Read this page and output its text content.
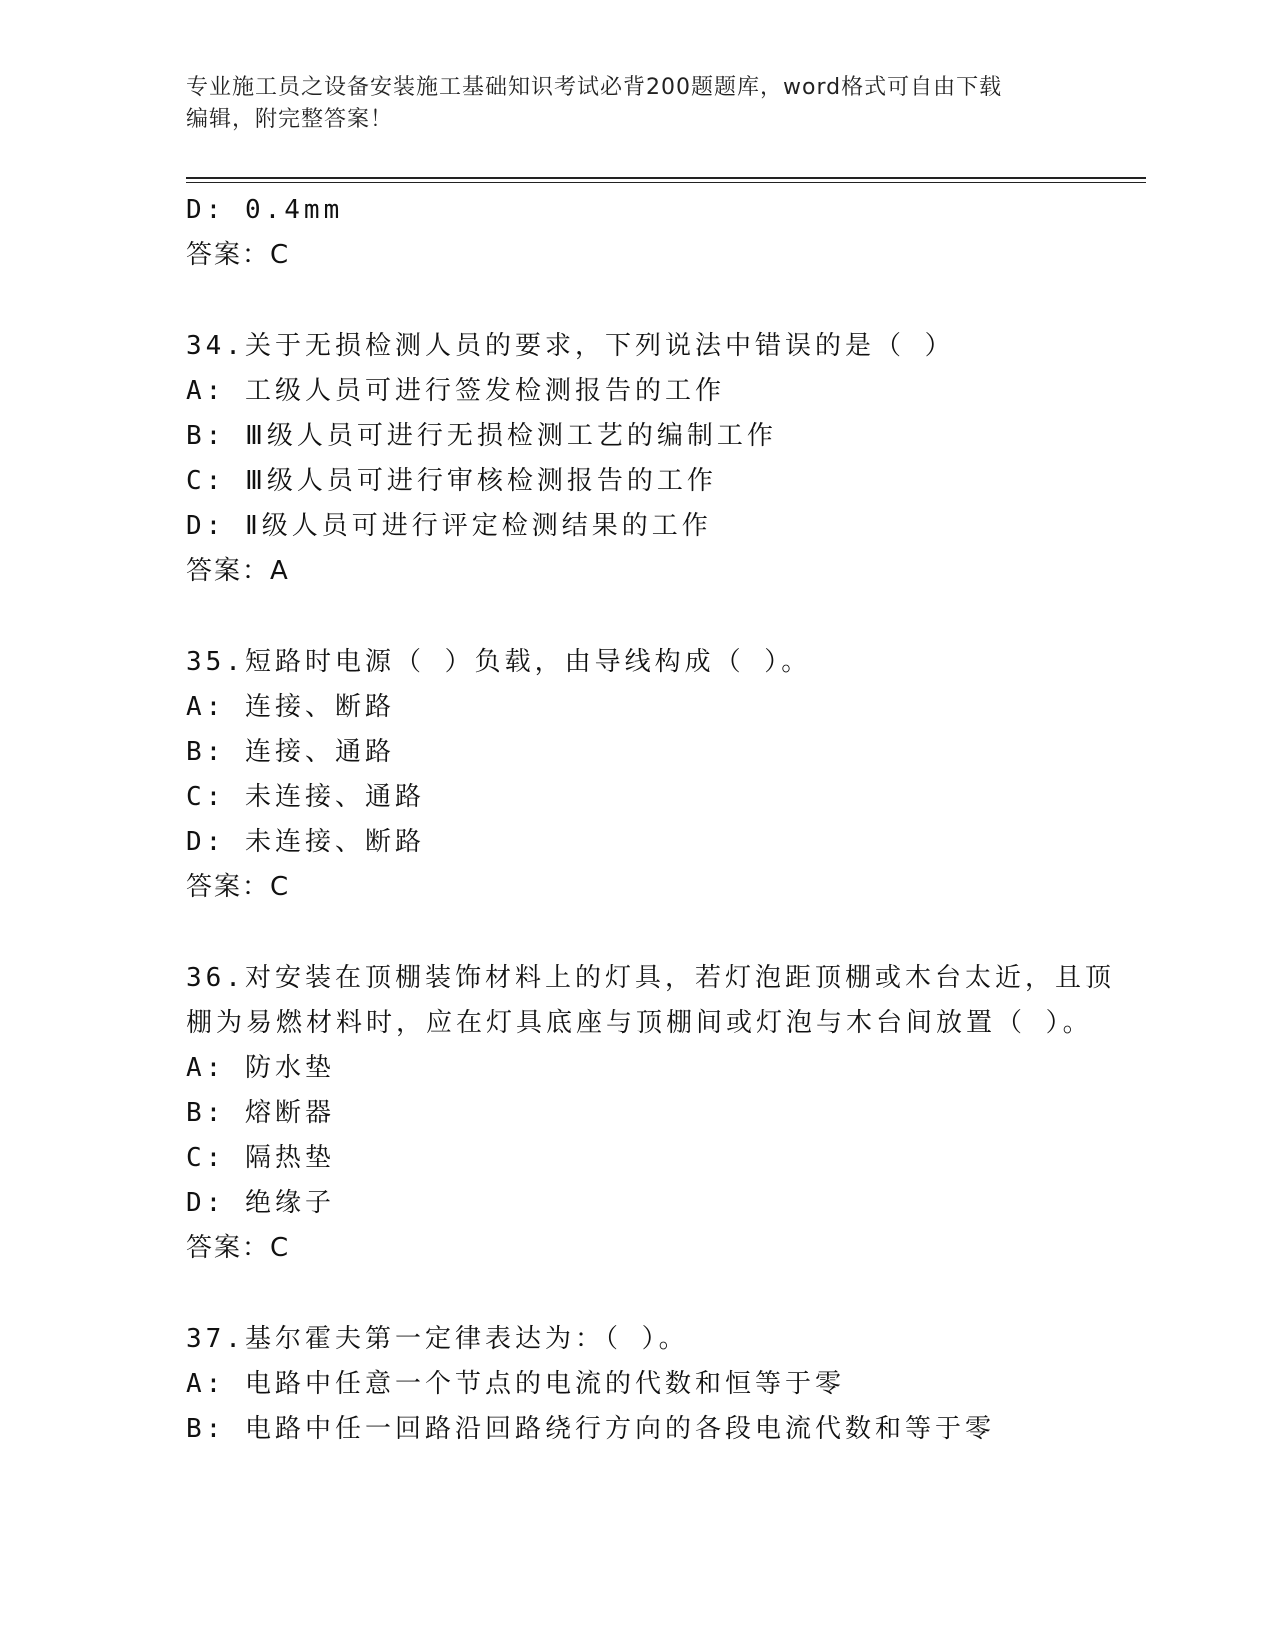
专业施工员之设备安装施工基础知识考试必背200题题库，word格式可自由下载
编辑，附完整答案！
D: 0.4mm
答案：C
34.关于无损检测人员的要求，下列说法中错误的是（ ）
A: 工级人员可进行签发检测报告的工作
B: Ⅲ级人员可进行无损检测工艺的编制工作
C: Ⅲ级人员可进行审核检测报告的工作
D: Ⅱ级人员可进行评定检测结果的工作
答案：A
35.短路时电源（ ）负载，由导线构成（ ）。
A: 连接、断路
B: 连接、通路
C: 未连接、通路
D: 未连接、断路
答案：C
36.对安装在顶棚装饰材料上的灯具，若灯泡距顶棚或木台太近，且顶
棚为易燃材料时，应在灯具底座与顶棚间或灯泡与木台间放置（ ）。
A: 防水垫
B: 熔断器
C: 隔热垫
D: 绝缘子
答案：C
37.基尔霍夫第一定律表达为：（ ）。
A: 电路中任意一个节点的电流的代数和恒等于零
B: 电路中任一回路沿回路绕行方向的各段电流代数和等于零
